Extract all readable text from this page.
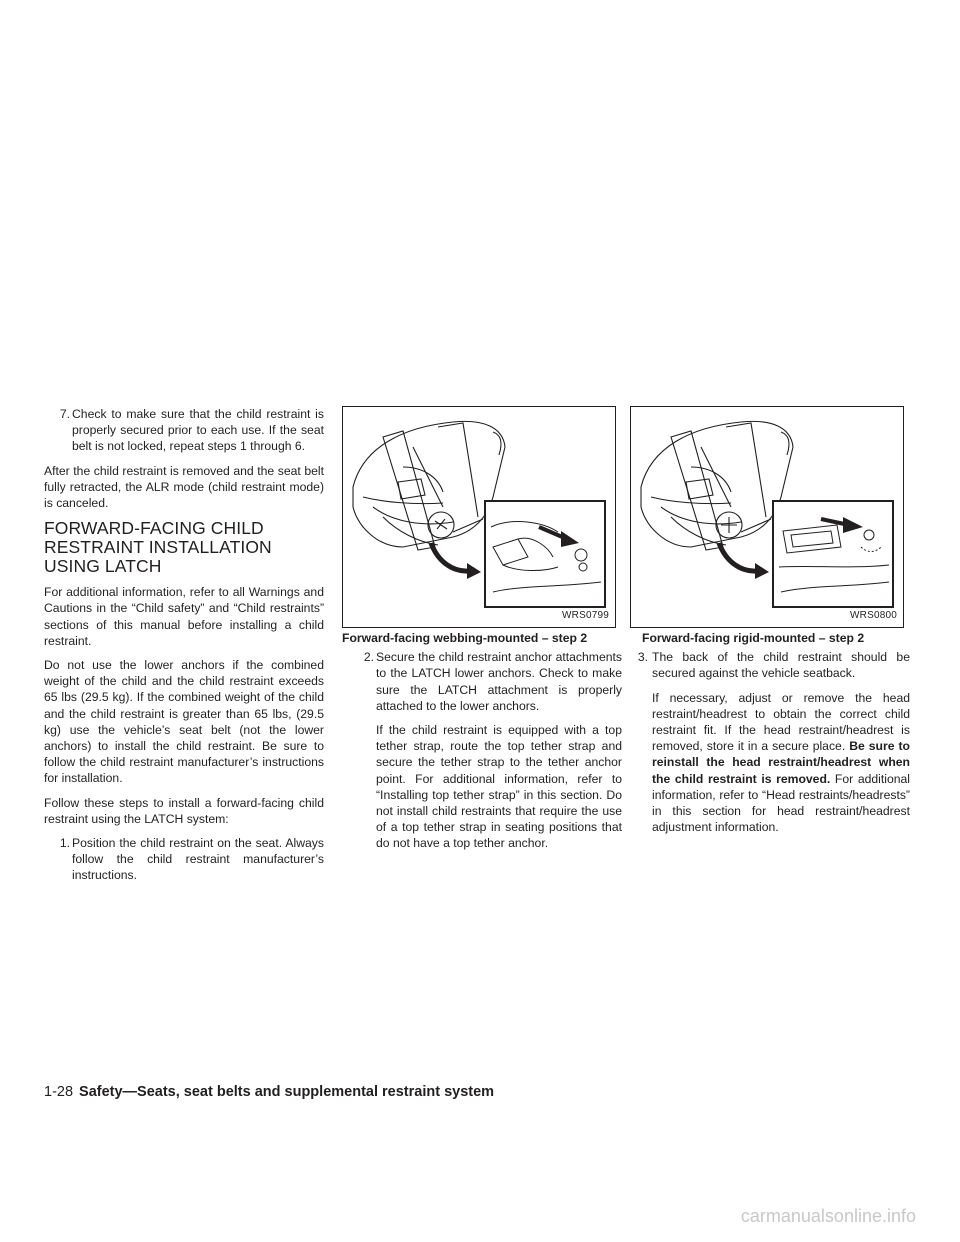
7. Check to make sure that the child restraint is properly secured prior to each use. If the seat belt is not locked, repeat steps 1 through 6.

After the child restraint is removed and the seat belt fully retracted, the ALR mode (child restraint mode) is canceled.

FORWARD-FACING CHILD RESTRAINT INSTALLATION USING LATCH

For additional information, refer to all Warnings and Cautions in the “Child safety” and “Child restraints” sections of this manual before installing a child restraint.

Do not use the lower anchors if the combined weight of the child and the child restraint exceeds 65 lbs (29.5 kg). If the combined weight of the child and the child restraint is greater than 65 lbs, (29.5 kg) use the vehicle’s seat belt (not the lower anchors) to install the child restraint. Be sure to follow the child restraint manufacturer’s instructions for installation.

Follow these steps to install a forward-facing child restraint using the LATCH system:

1. Position the child restraint on the seat. Always follow the child restraint manufacturer’s instructions.
WRS0799
Forward-facing webbing-mounted – step 2
2. Secure the child restraint anchor attachments to the LATCH lower anchors. Check to make sure the LATCH attachment is properly attached to the lower anchors.

If the child restraint is equipped with a top tether strap, route the top tether strap and secure the tether strap to the tether anchor point. For additional information, refer to “Installing top tether strap” in this section. Do not install child restraints that require the use of a top tether strap in seating positions that do not have a top tether anchor.

WRS0800
Forward-facing rigid-mounted – step 2
3. The back of the child restraint should be secured against the vehicle seatback.

If necessary, adjust or remove the head restraint/headrest to obtain the correct child restraint fit. If the head restraint/headrest is removed, store it in a secure place. Be sure to reinstall the head restraint/headrest when the child restraint is removed. For additional information, refer to “Head restraints/headrests” in this section for head restraint/headrest adjustment information.

1-28 Safety—Seats, seat belts and supplemental restraint system
carmanualsonline.info
